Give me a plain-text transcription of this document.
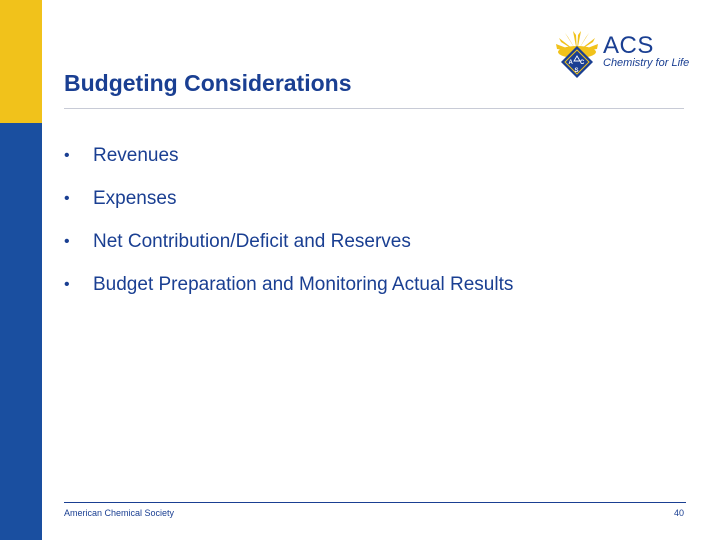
A C
S
ACS
Chemistry for Life
Budgeting Considerations
• Revenues
• Expenses
• Net Contribution/Deficit and Reserves
• Budget Preparation and Monitoring Actual Results
American Chemical Society	40
